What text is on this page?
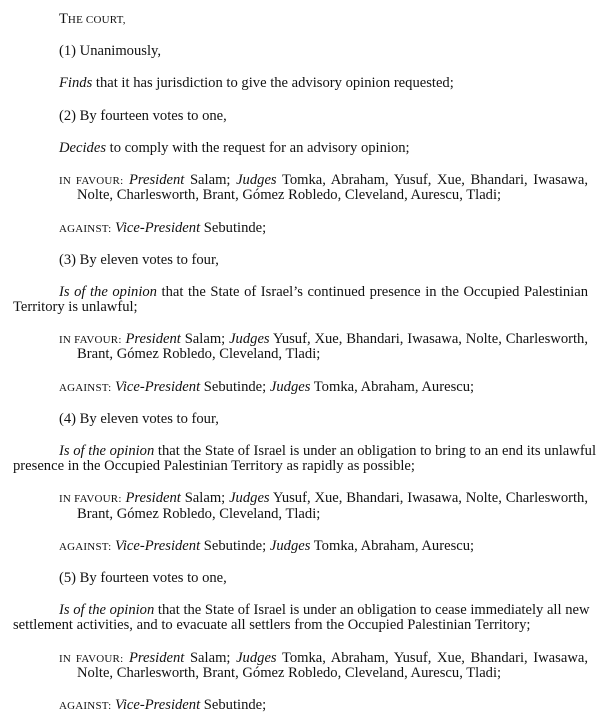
THE COURT,
(1) Unanimously,
Finds that it has jurisdiction to give the advisory opinion requested;
(2) By fourteen votes to one,
Decides to comply with the request for an advisory opinion;
IN FAVOUR: President Salam; Judges Tomka, Abraham, Yusuf, Xue, Bhandari, Iwasawa,
Nolte, Charlesworth, Brant, Gómez Robledo, Cleveland, Aurescu, Tladi;
AGAINST: Vice-President Sebutinde;
(3) By eleven votes to four,
Is of the opinion that the State of Israel’s continued presence in the Occupied Palestinian
Territory is unlawful;
IN FAVOUR: President Salam; Judges Yusuf, Xue, Bhandari, Iwasawa, Nolte, Charlesworth,
Brant, Gómez Robledo, Cleveland, Tladi;
AGAINST: Vice-President Sebutinde; Judges Tomka, Abraham, Aurescu;
(4) By eleven votes to four,
Is of the opinion that the State of Israel is under an obligation to bring to an end its unlawful
presence in the Occupied Palestinian Territory as rapidly as possible;
IN FAVOUR: President Salam; Judges Yusuf, Xue, Bhandari, Iwasawa, Nolte, Charlesworth,
Brant, Gómez Robledo, Cleveland, Tladi;
AGAINST: Vice-President Sebutinde; Judges Tomka, Abraham, Aurescu;
(5) By fourteen votes to one,
Is of the opinion that the State of Israel is under an obligation to cease immediately all new
settlement activities, and to evacuate all settlers from the Occupied Palestinian Territory;
IN FAVOUR: President Salam; Judges Tomka, Abraham, Yusuf, Xue, Bhandari, Iwasawa,
Nolte, Charlesworth, Brant, Gómez Robledo, Cleveland, Aurescu, Tladi;
AGAINST: Vice-President Sebutinde;
